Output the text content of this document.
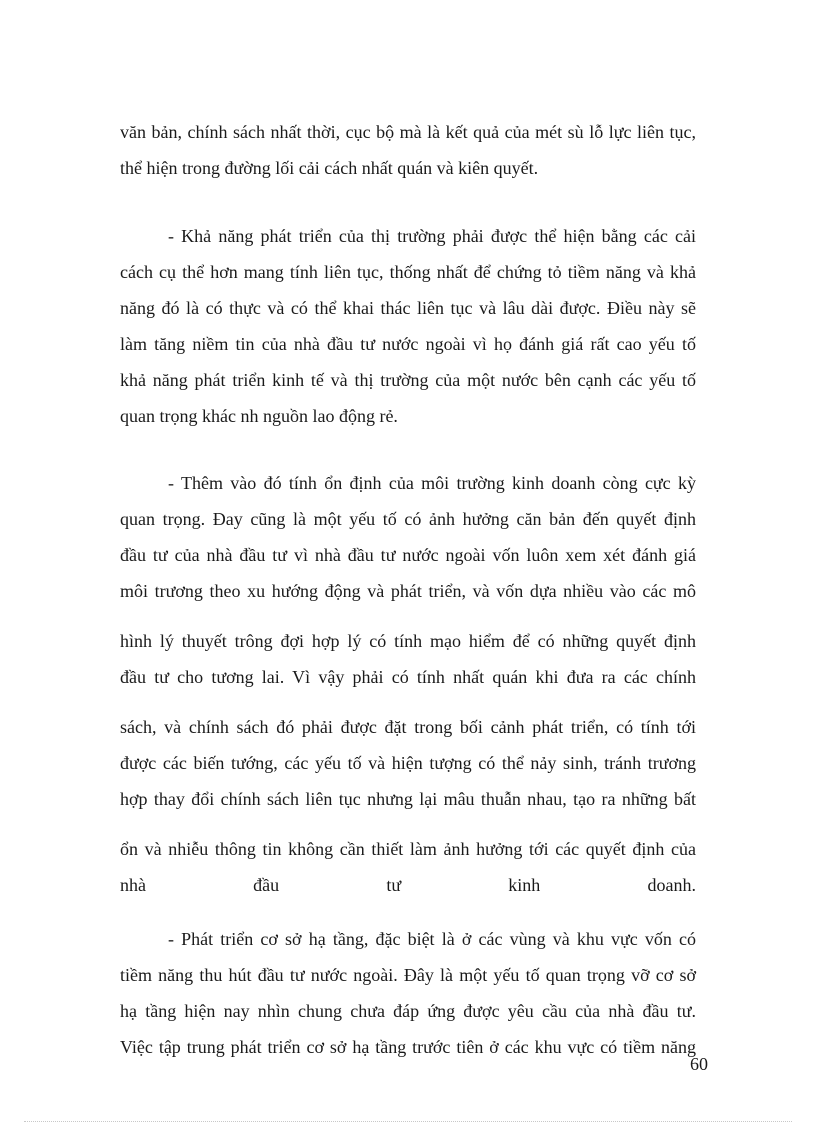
văn bản, chính sách nhất thời, cục bộ mà là kết quả của mét sù lỗ lực liên tục,
thể hiện trong đường lối cải cách nhất quán và kiên quyết.
- Khả năng phát triển của thị trường phải được thể hiện bằng các cải
cách cụ thể hơn mang tính liên tục, thống nhất để chứng tỏ tiềm năng và khả
năng đó là có thực và có thể khai thác liên tục và lâu dài được. Điều này sẽ
làm tăng niềm tin của nhà đầu tư nước ngoài vì họ đánh giá rất cao yếu tố
khả năng phát triển kinh tế và thị trường của một nước bên cạnh các yếu tố
quan trọng khác nh nguồn lao động rẻ.
- Thêm vào đó tính ổn định của môi trường kinh doanh còng cực kỳ
quan trọng. Đay cũng là một yếu tố có ảnh hưởng căn bản đến quyết định
đầu tư của nhà đầu tư vì nhà đầu tư nước ngoài vốn luôn xem xét đánh giá
môi trương theo xu hướng động và phát triển, và vốn dựa nhiều vào các mô
hình lý thuyết trông đợi hợp lý có tính mạo hiểm để có những quyết định
đầu tư cho tương lai. Vì vậy phải có tính nhất quán khi đưa ra các chính
sách, và chính sách đó phải được đặt trong bối cảnh phát triển, có tính tới
được các biến tướng, các yếu tố và hiện tượng có thể nảy sinh, tránh trương
hợp thay đổi chính sách liên tục nhưng lại mâu thuẫn nhau, tạo ra những bất
ổn và nhiễu thông tin không cần thiết làm ảnh hưởng tới các quyết định của
nhà đầu tư kinh doanh.
- Phát triển cơ sở hạ tầng, đặc biệt là ở các vùng và khu vực vốn có
tiềm năng thu hút đầu tư nước ngoài. Đây là một yếu tố quan trọng vỡ cơ sở
hạ tầng hiện nay nhìn chung chưa đáp ứng được yêu cầu của nhà đầu tư.
Việc tập trung phát triển cơ sở hạ tầng trước tiên ở các khu vực có tiềm năng
60
